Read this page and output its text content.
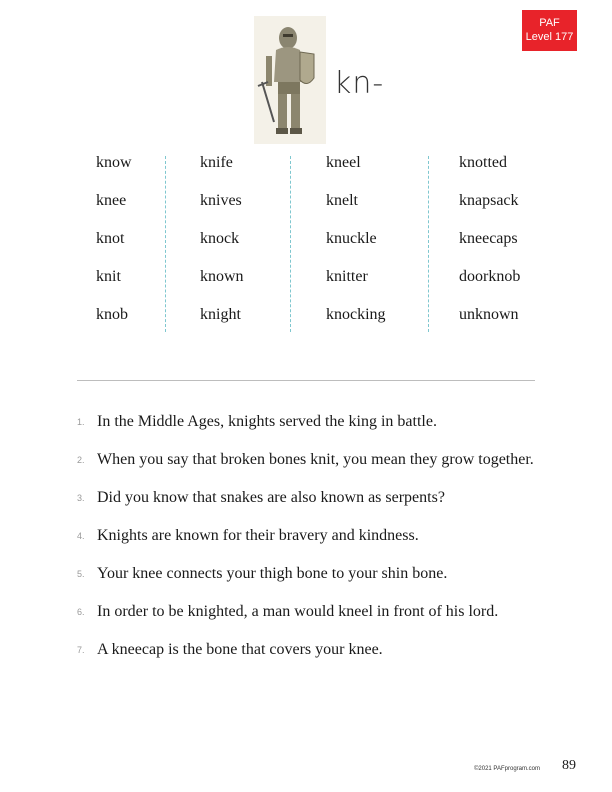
PAF
Level 177
kn-
know
knee
knot
knit
knob
knife
knives
knock
known
knight
kneel
knelt
knuckle
knitter
knocking
knotted
knapsack
kneecaps
doorknob
unknown
1. In the Middle Ages, knights served the king in battle.
2. When you say that broken bones knit, you mean they grow together.
3. Did you know that snakes are also known as serpents?
4. Knights are known for their bravery and kindness.
5. Your knee connects your thigh bone to your shin bone.
6. In order to be knighted, a man would kneel in front of his lord.
7. A kneecap is the bone that covers your knee.
©2021 PAFprogram.com 89
